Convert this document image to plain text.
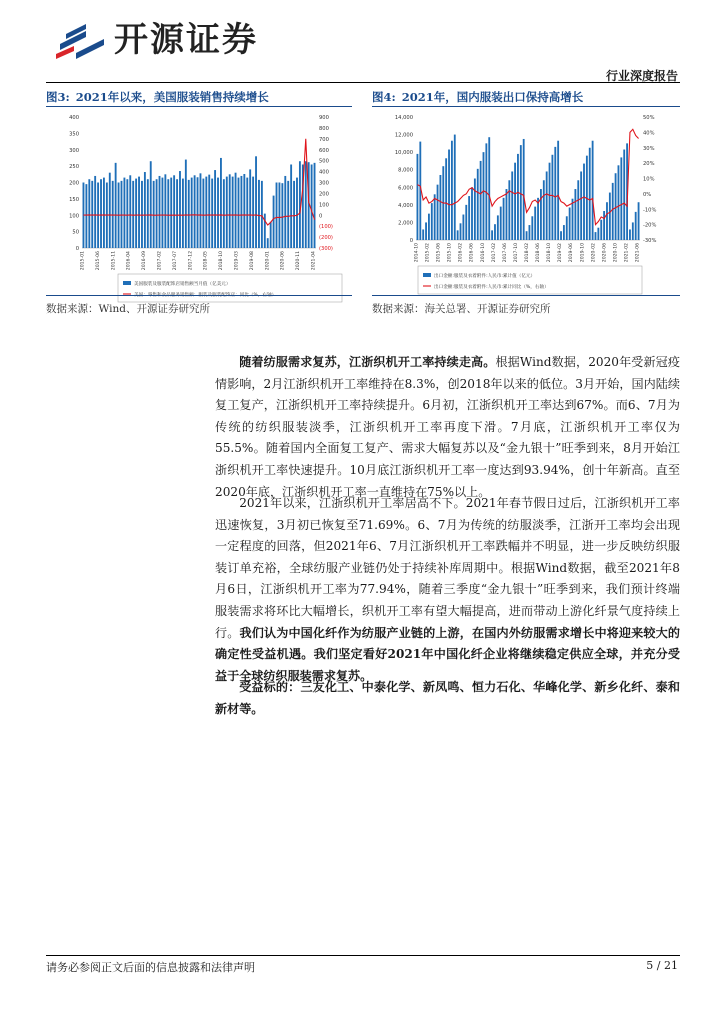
开源证券
行业深度报告
图3: 2021年以来，美国服装销售持续增长
0
50
100
150
200
250
300
350
400
(300)
(200)
(100)
0
100
200
300
400
500
600
700
800
900
2015-01 2015-06 2015-11 2016-04 2016-09 2017-02 2017-07 2017-12 2018-05 2018-10 2019-03 2019-08 2020-01 2020-06 2020-11 2021-04
美国服装及服装配饰店销售额当月值（亿美元）
美国：零售和食品服务销售额：服装及服装配饰店：同比（%，右轴）
数据来源：Wind、开源证券研究所
图4: 2021年，国内服装出口保持高增长
0
2,000
4,000
6,000
8,000
10,000
12,000
14,000
-30%
-20%
-10%
0%
10%
20%
30%
40%
50%
2014-10 2015-02 2015-06 2015-10 2016-02 2016-06 2016-10 2017-02 2017-06 2017-10 2018-02 2018-06 2018-10 2019-02 2019-06 2019-10 2020-02 2020-06 2020-10 2021-02 2021-06
出口金额:服装及衣着附件:人民币:累计值（亿元）
出口金额:服装及衣着附件:人民币:累计同比（%，右轴）
数据来源：海关总署、开源证券研究所
随着纺服需求复苏，江浙织机开工率持续走高。根据Wind数据，2020年受新冠疫情影响，2月江浙织机开工率维持在8.3%，创2018年以来的低位。3月开始，国内陆续复工复产，江浙织机开工率持续提升。6月初，江浙织机开工率达到67%。而6、7月为传统的纺织服装淡季，江浙织机开工率再度下滑。7月底，江浙织机开工率仅为55.5%。随着国内全面复工复产、需求大幅复苏以及“金九银十”旺季到来，8月开始江浙织机开工率快速提升。10月底江浙织机开工率一度达到93.94%，创十年新高。直至2020年底，江浙织机开工率一直维持在75%以上。
2021年以来，江浙织机开工率居高不下。2021年春节假日过后，江浙织机开工率迅速恢复，3月初已恢复至71.69%。6、7月为传统的纺服淡季，江浙开工率均会出现一定程度的回落，但2021年6、7月江浙织机开工率跌幅并不明显，进一步反映纺织服装订单充裕，全球纺服产业链仍处于持续补库周期中。根据Wind数据，截至2021年8月6日，江浙织机开工率为77.94%，随着三季度“金九银十”旺季到来，我们预计终端服装需求将环比大幅增长，织机开工率有望大幅提高，进而带动上游化纤景气度持续上行。我们认为中国化纤作为纺服产业链的上游，在国内外纺服需求增长中将迎来较大的确定性受益机遇。我们坚定看好2021年中国化纤企业将继续稳定供应全球，并充分受益于全球纺织服装需求复苏。
受益标的：三友化工、中泰化学、新凤鸣、恒力石化、华峰化学、新乡化纤、泰和新材等。
请务必参阅正文后面的信息披露和法律声明	5 / 21
